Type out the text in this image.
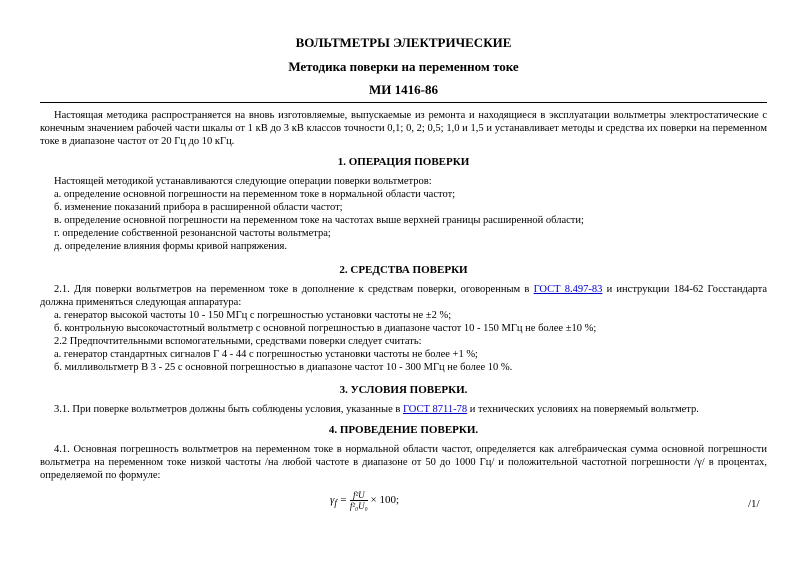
ВОЛЬТМЕТРЫ ЭЛЕКТРИЧЕСКИЕ
Методика поверки на переменном токе
МИ 1416-86

Настоящая методика распространяется на вновь изготовляемые, выпускаемые из ремонта и находящиеся в эксплуатации вольтметры электростатические с конечным значением рабочей части шкалы от 1 кВ до 3 кВ классов точности 0,1; 0, 2; 0,5; 1,0 и 1,5 и устанавливает методы и средства их поверки на переменном токе в диапазоне частот от 20 Гц до 10 кГц.

1. ОПЕРАЦИЯ ПОВЕРКИ

Настоящей методикой устанавливаются следующие операции поверки вольтметров:

а. определение основной погрешности на переменном токе в нормальной области частот;

б. изменение показаний прибора в расширенной области частот;

в. определение основной погрешности на переменном токе на частотах выше верхней границы расширенной области;

г. определение собственной резонансной частоты вольтметра;

д. определение влияния формы кривой напряжения.

2. СРЕДСТВА ПОВЕРКИ

2.1. Для поверки вольтметров на переменном токе в дополнение к средствам поверки, оговоренным в ГОСТ 8.497-83 и инструкции 184-62 Госстандарта должна применяться следующая аппаратура:

а. генератор высокой частоты 10 - 150 МГц с погрешностью установки частоты не ±2 %;

б. контрольную высокочастотный вольтметр с основной погрешностью в диапазоне частот 10 - 150 МГц не более ±10 %;

2.2 Предпочтительными вспомогательными, средствами поверки следует считать:

а. генератор стандартных сигналов Г 4 - 44 с погрешностью установки частоты не более +1 %;

б. милливольтметр В 3 - 25 с основной погрешностью в диапазоне частот 10 - 300 МГц не более 10 %.

3. УСЛОВИЯ ПОВЕРКИ.

3.1. При поверке вольтметров должны быть соблюдены условия, указанные в ГОСТ 8711-78 и технических условиях на поверяемый вольтметр.

4. ПРОВЕДЕНИЕ ПОВЕРКИ.

4.1. Основная погрешность вольтметров на переменном токе в нормальной области частот, определяется как алгебраическая сумма основной погрешности вольтметра на переменном токе низкой частоты /на любой частоте в диапазоне от 50 до 1000 Гц/ и положительной частотной погрешности /γ/ в процентах, определяемой по формуле:

$\gamma_f = \frac{\text{f²U}}{\text{f²₀U₀}} \times 100$;	/1/
